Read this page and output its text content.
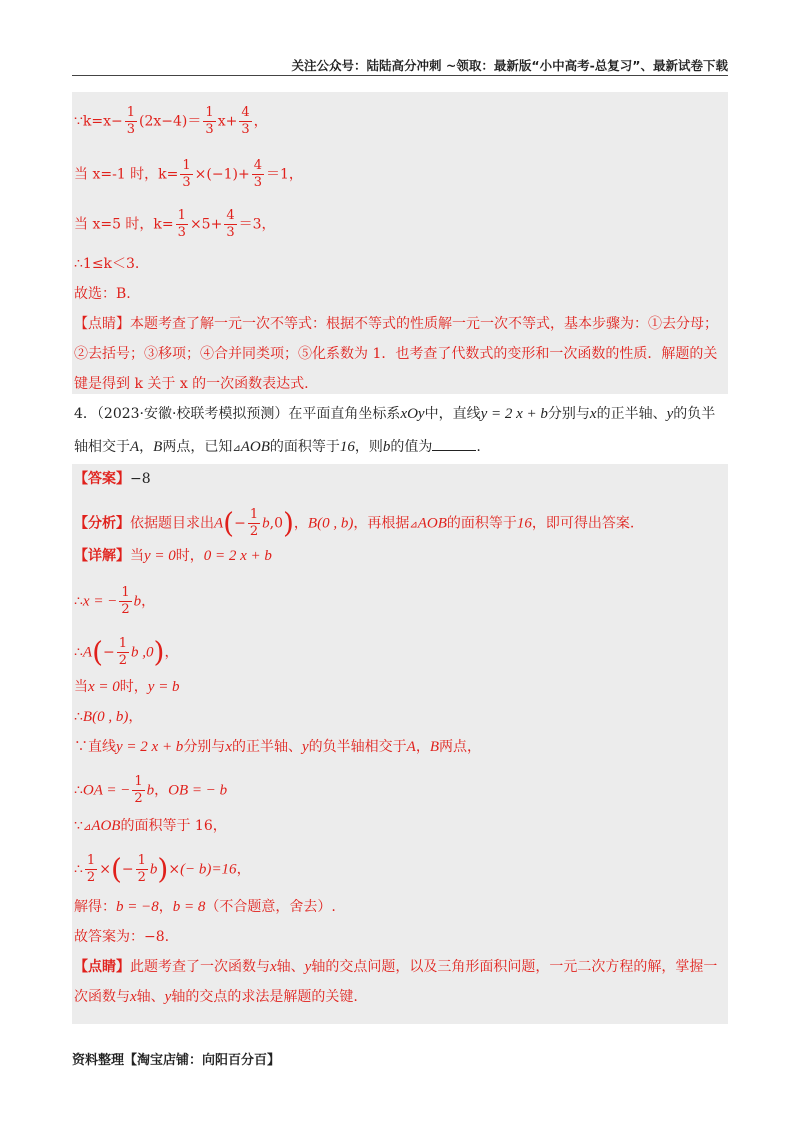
关注公众号：陆陆高分冲刺 ~领取：最新版“小中高考-总复习”、最新试卷下载
∵k=x− $\frac{1}{3} (2x-4)= \frac{1}{3} x+ \frac{4}{3}$ ，
当 x=-1 时，$k= \frac{1}{3} \times(-1)+ \frac{4}{3} =1$，
当 x=5 时，$k= \frac{1}{3} \times 5+ \frac{4}{3} =3$，
∴1≤k＜3.
故选：B.
【点睛】本题考查了解一元一次不等式：根据不等式的性质解一元一次不等式，基本步骤为：①去分母；
②去括号；③移项；④合并同类项；⑤化系数为 1．也考查了代数式的变形和一次函数的性质．解题的关
键是得到 k 关于 x 的一次函数表达式.
4．（2023·安徽·校联考模拟预测）在平面直角坐标系xOy中，直线y = 2 x + b分别与x的正半轴、y的负半
轴相交于A，B两点，已知⊿AOB的面积等于16，则b的值为	.
【答案】−8
【分析】依据题目求出$A(- \frac{1}{2} b,0)$，B(0 , b)，再根据⊿AOB的面积等于16，即可得出答案.
【详解】当y = 0时，0 = 2 x + b
∴x = − $\frac{1}{2}$ b，
∴A(− $\frac{1}{2}$ b ,0)，
当x = 0时，y = b
∴B(0 , b)，
∵直线y = 2 x + b分别与x的正半轴、y的负半轴相交于A，B两点，
∴OA = − $\frac{1}{2}$ b，OB = − b
∵⊿AOB的面积等于 16，
∴ $\frac{1}{2}$ ×(− $\frac{1}{2} b)\times(- b)=16$，
解得：b = −8，b = 8（不合题意，舍去）.
故答案为：−8.
【点睛】此题考查了一次函数与x轴、y轴的交点问题，以及三角形面积问题，一元二次方程的解，掌握一
次函数与x轴、y轴的交点的求法是解题的关键.
资料整理【淘宝店铺：向阳百分百】
